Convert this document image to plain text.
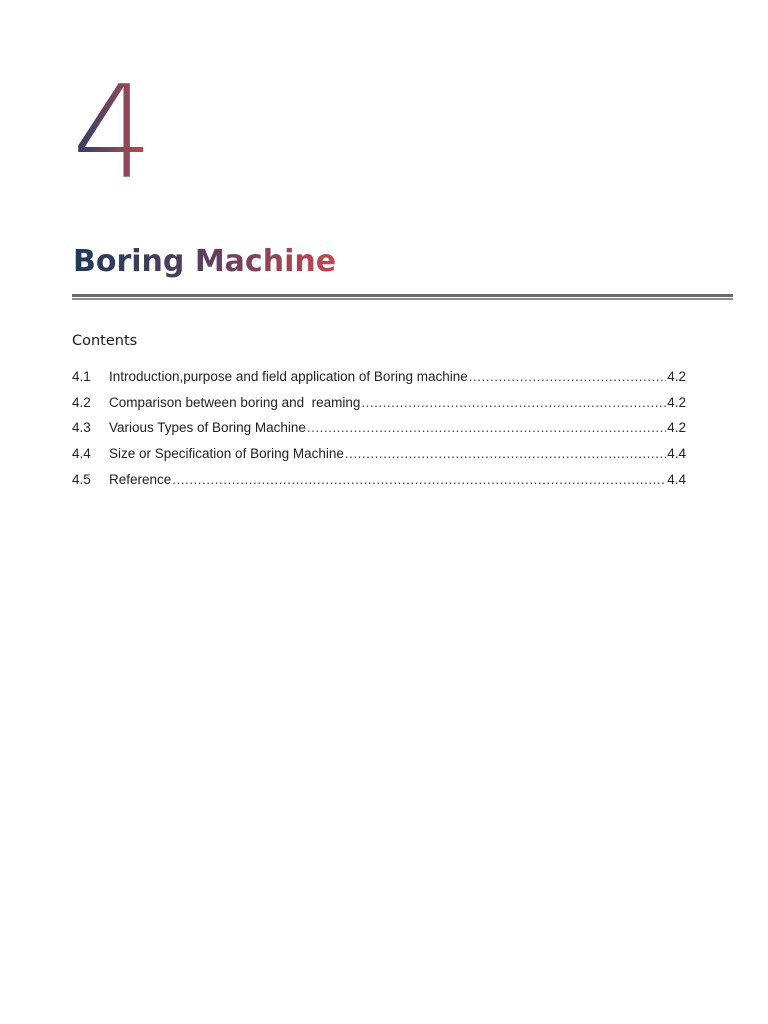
4
Boring Machine
Contents
4.1	Introduction,purpose and field application of Boring machine .....	4.2
4.2	Comparison between boring and  reaming .....	4.2
4.3	Various Types of Boring Machine .....	4.2
4.4	Size or Specification of Boring Machine .....	4.4
4.5	Reference .....	4.4
